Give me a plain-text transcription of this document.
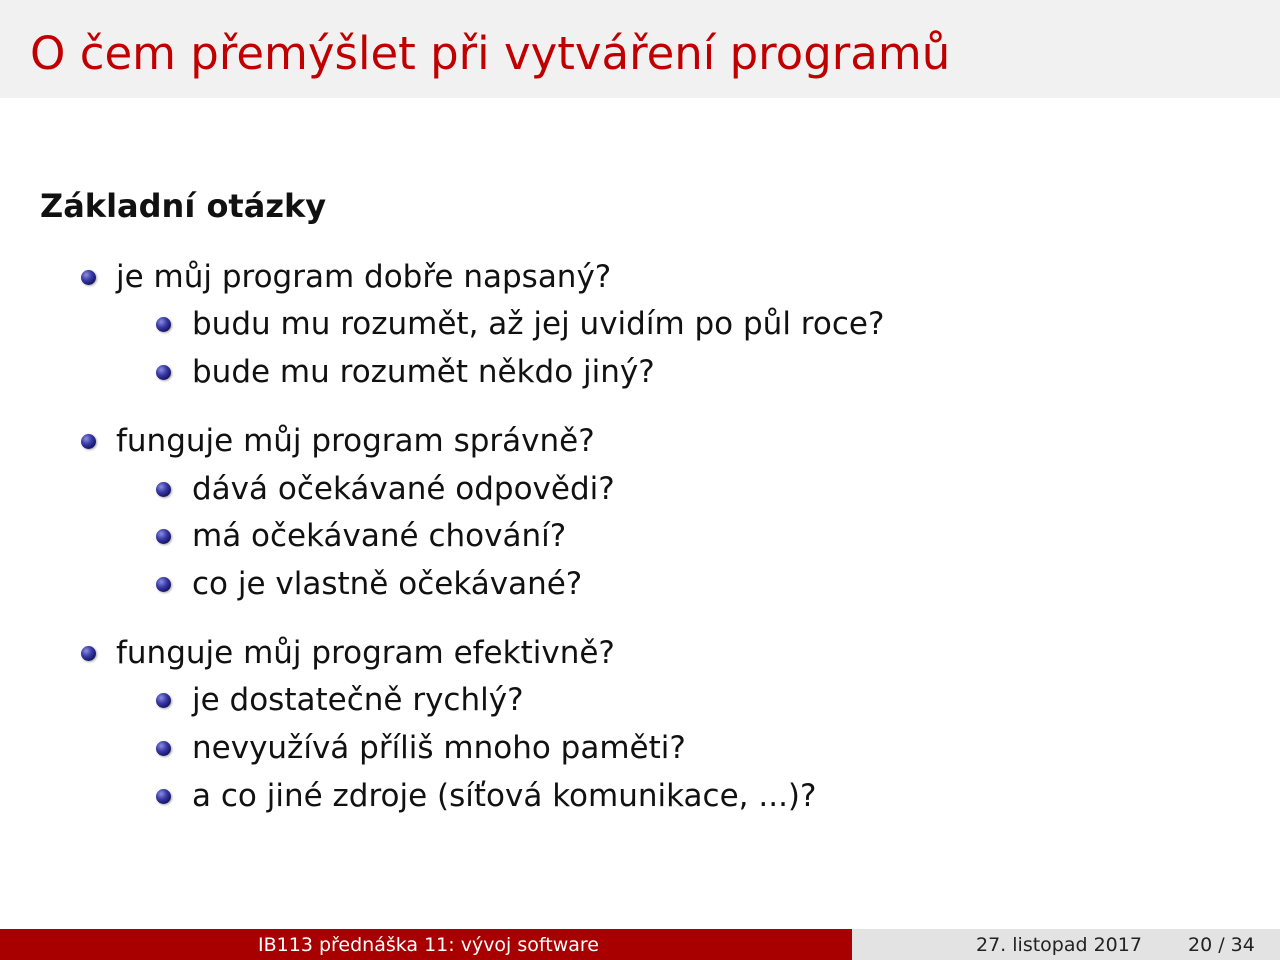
O čem přemýšlet při vytváření programů
Základní otázky
je můj program dobře napsaný?
budu mu rozumět, až jej uvidím po půl roce?
bude mu rozumět někdo jiný?
funguje můj program správně?
dává očekávané odpovědi?
má očekávané chování?
co je vlastně očekávané?
funguje můj program efektivně?
je dostatečně rychlý?
nevyužívá příliš mnoho paměti?
a co jiné zdroje (síťová komunikace, ...)?
IB113 přednáška 11: vývoj software	27. listopad 2017 20 / 34
